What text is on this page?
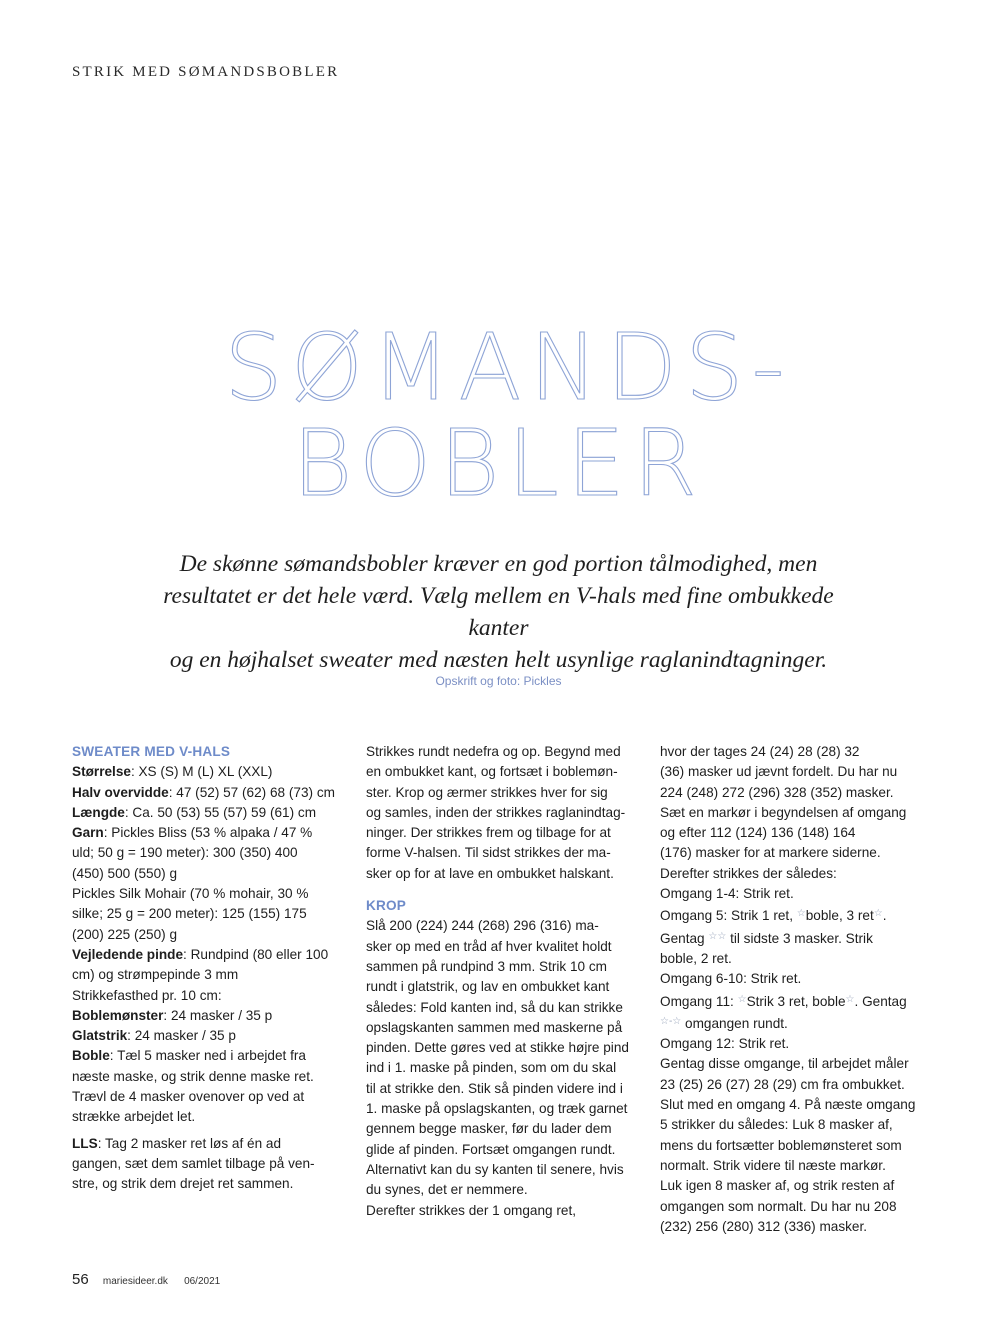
STRIK MED SØMANDSBOBLER
SØMANDS-
BOBLER
De skønne sømandsbobler kræver en god portion tålmodighed, men
resultatet er det hele værd. Vælg mellem en V-hals med fine ombukkede kanter
og en højhalset sweater med næsten helt usynlige raglanindtagninger.
Opskrift og foto: Pickles

SWEATER MED V-HALS

Størrelse: XS (S) M (L) XL (XXL)

Halv overvidde: 47 (52) 57 (62) 68 (73) cm

Længde: Ca. 50 (53) 55 (57) 59 (61) cm

Garn: Pickles Bliss (53 % alpaka / 47 %

uld; 50 g = 190 meter): 300 (350) 400

(450) 500 (550) g

Pickles Silk Mohair (70 % mohair, 30 %

silke; 25 g = 200 meter): 125 (155) 175

(200) 225 (250) g

Vejledende pinde: Rundpind (80 eller 100

cm) og strømpepinde 3 mm

Strikkefasthed pr. 10 cm:

Boblemønster: 24 masker / 35 p

Glatstrik: 24 masker / 35 p

Boble: Tæl 5 masker ned i arbejdet fra

næste maske, og strik denne maske ret.

Trævl de 4 masker ovenover op ved at

strække arbejdet let.

LLS: Tag 2 masker ret løs af én ad

gangen, sæt dem samlet tilbage på ven-

stre, og strik dem drejet ret sammen.

Strikkes rundt nedefra og op. Begynd med

en ombukket kant, og fortsæt i boblemøn-

ster. Krop og ærmer strikkes hver for sig

og samles, inden der strikkes raglanindtag-

ninger. Der strikkes frem og tilbage for at

forme V-halsen. Til sidst strikkes der ma-

sker op for at lave en ombukket halskant.

KROP

Slå 200 (224) 244 (268) 296 (316) ma-

sker op med en tråd af hver kvalitet holdt

sammen på rundpind 3 mm. Strik 10 cm

rundt i glatstrik, og lav en ombukket kant

således: Fold kanten ind, så du kan strikke

opslagskanten sammen med maskerne på

pinden. Dette gøres ved at stikke højre pind

ind i 1. maske på pinden, som om du skal

til at strikke den. Stik så pinden videre ind i

1. maske på opslagskanten, og træk garnet

gennem begge masker, før du lader dem

glide af pinden. Fortsæt omgangen rundt.

Alternativt kan du sy kanten til senere, hvis

du synes, det er nemmere.

Derefter strikkes der 1 omgang ret,

hvor der tages 24 (24) 28 (28) 32

(36) masker ud jævnt fordelt. Du har nu

224 (248) 272 (296) 328 (352) masker.

Sæt en markør i begyndelsen af omgang

og efter 112 (124) 136 (148) 164

(176) masker for at markere siderne.

Derefter strikkes der således:

Omgang 1-4: Strik ret.

Omgang 5: Strik 1 ret, ☆boble, 3 ret☆.

Gentag ☆☆ til sidste 3 masker. Strik

boble, 2 ret.

Omgang 6-10: Strik ret.

Omgang 11: ☆Strik 3 ret, boble☆. Gentag

☆-☆ omgangen rundt.

Omgang 12: Strik ret.

Gentag disse omgange, til arbejdet måler

23 (25) 26 (27) 28 (29) cm fra ombukket.

Slut med en omgang 4. På næste omgang

5 strikker du således: Luk 8 masker af,

mens du fortsætter boblemønsteret som

normalt. Strik videre til næste markør.

Luk igen 8 masker af, og strik resten af

omgangen som normalt. Du har nu 208

(232) 256 (280) 312 (336) masker.

56 mariesideer.dk 06/2021
